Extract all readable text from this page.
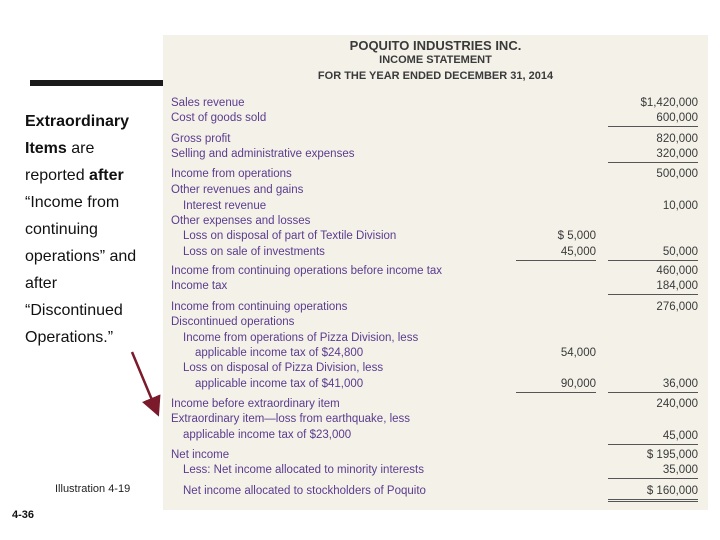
Extraordinary
Items are
reported after
“Income from
continuing
operations” and
after
“Discontinued
Operations.”
Illustration 4-19
4-36
POQUITO INDUSTRIES INC.
INCOME STATEMENT
FOR THE YEAR ENDED DECEMBER 31, 2014
Sales revenue	$1,420,000
Cost of goods sold	600,000
Gross profit	820,000
Selling and administrative expenses	320,000
Income from operations	500,000
Other revenues and gains
Interest revenue	10,000
Other expenses and losses
Loss on disposal of part of Textile Division	$ 5,000
Loss on sale of investments	45,000	50,000
Income from continuing operations before income tax	460,000
Income tax	184,000
Income from continuing operations	276,000
Discontinued operations
Income from operations of Pizza Division, less
applicable income tax of $24,800	54,000
Loss on disposal of Pizza Division, less
applicable income tax of $41,000	90,000	36,000
Income before extraordinary item	240,000
Extraordinary item—loss from earthquake, less
applicable income tax of $23,000	45,000
Net income	$ 195,000
Less: Net income allocated to minority interests	35,000
Net income allocated to stockholders of Poquito	$ 160,000
